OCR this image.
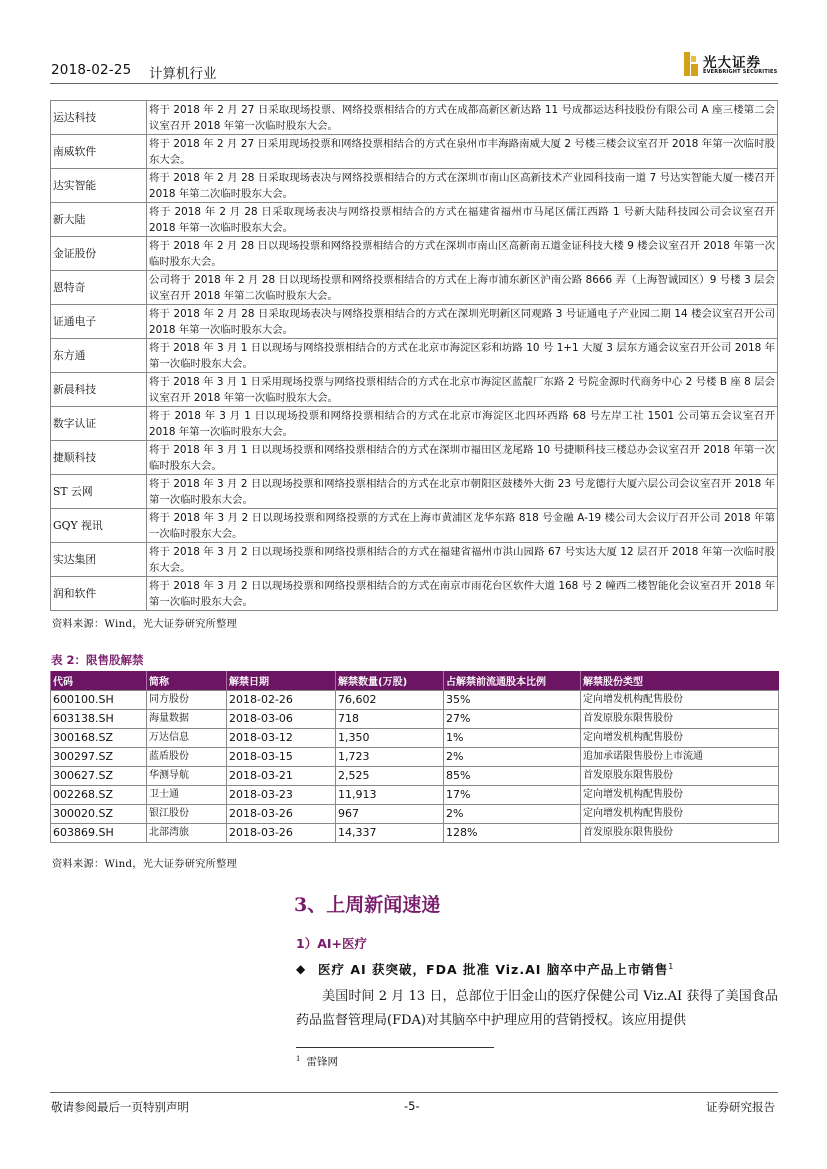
2018-02-25 计算机行业
光大证券
EVERBRIGHT SECURITIES
运达科技	将于 2018 年 2 月 27 日采取现场投票、网络投票相结合的方式在成都高新区新达路 11 号成都运达科技股份有限公司 A 座三楼第二会议室召开 2018 年第一次临时股东大会。
南威软件	将于 2018 年 2 月 27 日采用现场投票和网络投票相结合的方式在泉州市丰海路南威大厦 2 号楼三楼会议室召开 2018 年第一次临时股东大会。
达实智能	将于 2018 年 2 月 28 日采取现场表决与网络投票相结合的方式在深圳市南山区高新技术产业园科技南一道 7 号达实智能大厦一楼召开 2018 年第二次临时股东大会。
新大陆	将于 2018 年 2 月 28 日采取现场表决与网络投票相结合的方式在福建省福州市马尾区儒江西路 1 号新大陆科技园公司会议室召开 2018 年第一次临时股东大会。
金证股份	将于 2018 年 2 月 28 日以现场投票和网络投票相结合的方式在深圳市南山区高新南五道金证科技大楼 9 楼会议室召开 2018 年第一次临时股东大会。
恩特奇	公司将于 2018 年 2 月 28 日以现场投票和网络投票相结合的方式在上海市浦东新区沪南公路 8666 弄（上海智诚园区）9 号楼 3 层会议室召开 2018 年第二次临时股东大会。
证通电子	将于 2018 年 2 月 28 日采取现场表决与网络投票相结合的方式在深圳光明新区同观路 3 号证通电子产业园二期 14 楼会议室召开公司 2018 年第一次临时股东大会。
东方通	将于 2018 年 3 月 1 日以现场与网络投票相结合的方式在北京市海淀区彩和坊路 10 号 1+1 大厦 3 层东方通会议室召开公司 2018 年第一次临时股东大会。
新晨科技	将于 2018 年 3 月 1 日采用现场投票与网络投票相结合的方式在北京市海淀区蓝靛厂东路 2 号院金源时代商务中心 2 号楼 B 座 8 层会议室召开 2018 年第一次临时股东大会。
数字认证	将于 2018 年 3 月 1 日以现场投票和网络投票相结合的方式在北京市海淀区北四环西路 68 号左岸工社 1501 公司第五会议室召开 2018 年第一次临时股东大会。
捷顺科技	将于 2018 年 3 月 1 日以现场投票和网络投票相结合的方式在深圳市福田区龙尾路 10 号捷顺科技三楼总办会议室召开 2018 年第一次临时股东大会。
ST 云网	将于 2018 年 3 月 2 日以现场投票和网络投票相结合的方式在北京市朝阳区鼓楼外大街 23 号龙德行大厦六层公司会议室召开 2018 年第一次临时股东大会。
GQY 视讯	将于 2018 年 3 月 2 日以现场投票和网络投票的方式在上海市黄浦区龙华东路 818 号金融 A-19 楼公司大会议厅召开公司 2018 年第一次临时股东大会。
实达集团	将于 2018 年 3 月 2 日以现场投票和网络投票相结合的方式在福建省福州市洪山园路 67 号实达大厦 12 层召开 2018 年第一次临时股东大会。
润和软件	将于 2018 年 3 月 2 日以现场投票和网络投票相结合的方式在南京市雨花台区软件大道 168 号 2 幢西二楼智能化会议室召开 2018 年第一次临时股东大会。
资料来源：Wind，光大证券研究所整理
表 2：限售股解禁
代码	简称	解禁日期	解禁数量(万股)	占解禁前流通股本比例	解禁股份类型
600100.SH	同方股份	2018-02-26	76,602	35%	定向增发机构配售股份
603138.SH	海量数据	2018-03-06	718	27%	首发原股东限售股份
300168.SZ	万达信息	2018-03-12	1,350	1%	定向增发机构配售股份
300297.SZ	蓝盾股份	2018-03-15	1,723	2%	追加承诺限售股份上市流通
300627.SZ	华测导航	2018-03-21	2,525	85%	首发原股东限售股份
002268.SZ	卫士通	2018-03-23	11,913	17%	定向增发机构配售股份
300020.SZ	银江股份	2018-03-26	967	2%	定向增发机构配售股份
603869.SH	北部湾旅	2018-03-26	14,337	128%	首发原股东限售股份
资料来源：Wind，光大证券研究所整理
3、上周新闻速递
1）AI+医疗
◆ 医疗 AI 获突破，FDA 批准 Viz.AI 脑卒中产品上市销售$^1$
美国时间 2 月 13 日，总部位于旧金山的医疗保健公司 Viz.AI 获得了美国食品药品监督管理局(FDA)对其脑卒中护理应用的营销授权。该应用提供
$^1$ 雷锋网
敬请参阅最后一页特别声明	-5-	证券研究报告
